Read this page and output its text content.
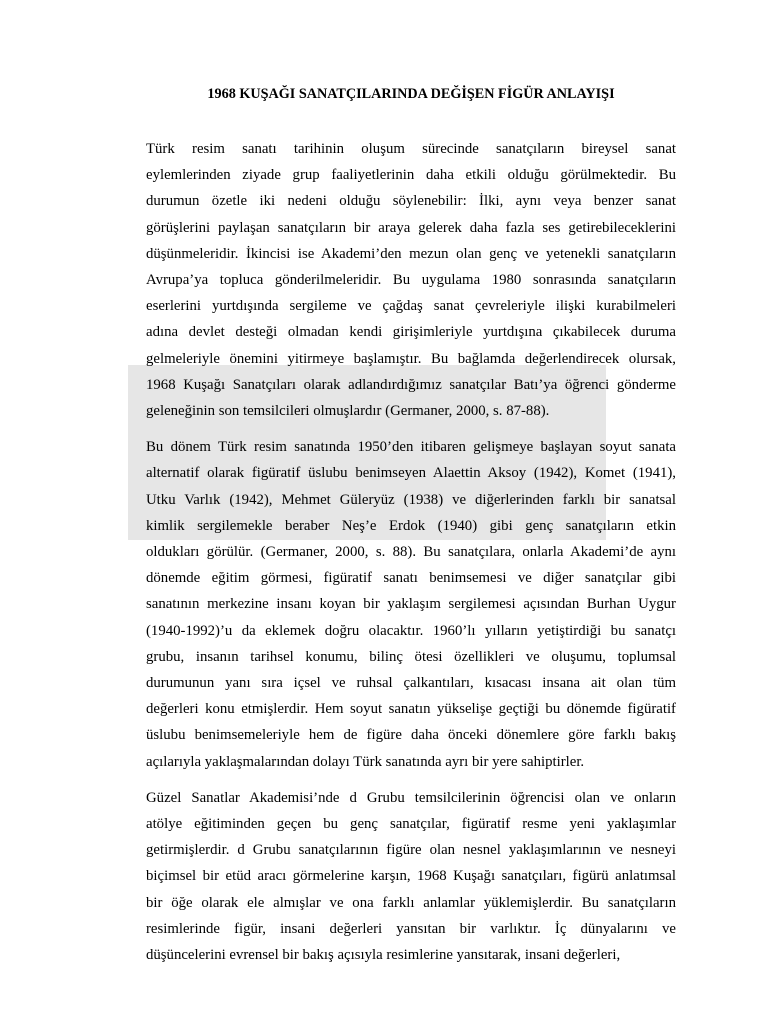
1968 KUŞAĞI SANATÇILARINDA DEĞİŞEN FİGÜR ANLAYIŞI

Türk resim sanatı tarihinin oluşum sürecinde sanatçıların bireysel sanat
eylemlerinden ziyade grup faaliyetlerinin daha etkili olduğu görülmektedir. Bu
durumun özetle iki nedeni olduğu söylenebilir: İlki, aynı veya benzer sanat
görüşlerini paylaşan sanatçıların bir araya gelerek daha fazla ses getirebileceklerini
düşünmeleridir. İkincisi ise Akademi’den mezun olan genç ve yetenekli sanatçıların
Avrupa’ya topluca gönderilmeleridir. Bu uygulama 1980 sonrasında sanatçıların
eserlerini yurtdışında sergileme ve çağdaş sanat çevreleriyle ilişki kurabilmeleri
adına devlet desteği olmadan kendi girişimleriyle yurtdışına çıkabilecek duruma
gelmeleriyle önemini yitirmeye başlamıştır. Bu bağlamda değerlendirecek olursak,
1968 Kuşağı Sanatçıları olarak adlandırdığımız sanatçılar Batı’ya öğrenci gönderme
geleneğinin son temsilcileri olmuşlardır (Germaner, 2000, s. 87-88).

Bu dönem Türk resim sanatında 1950’den itibaren gelişmeye başlayan soyut sanata
alternatif olarak figüratif üslubu benimseyen Alaettin Aksoy (1942), Komet (1941),
Utku Varlık (1942), Mehmet Güleryüz (1938) ve diğerlerinden farklı bir sanatsal
kimlik sergilemekle beraber Neş’e Erdok (1940) gibi genç sanatçıların etkin
oldukları görülür. (Germaner, 2000, s. 88). Bu sanatçılara, onlarla Akademi’de aynı
dönemde eğitim görmesi, figüratif sanatı benimsemesi ve diğer sanatçılar gibi
sanatının merkezine insanı koyan bir yaklaşım sergilemesi açısından Burhan Uygur
(1940-1992)’u da eklemek doğru olacaktır. 1960’lı yılların yetiştirdiği bu sanatçı
grubu, insanın tarihsel konumu, bilinç ötesi özellikleri ve oluşumu, toplumsal
durumunun yanı sıra içsel ve ruhsal çalkantıları, kısacası insana ait olan tüm
değerleri konu etmişlerdir. Hem soyut sanatın yükselişe geçtiği bu dönemde figüratif
üslubu benimsemeleriyle hem de figüre daha önceki dönemlere göre farklı bakış
açılarıyla yaklaşmalarından dolayı Türk sanatında ayrı bir yere sahiptirler.

Güzel Sanatlar Akademisi’nde d Grubu temsilcilerinin öğrencisi olan ve onların
atölye eğitiminden geçen bu genç sanatçılar, figüratif resme yeni yaklaşımlar
getirmişlerdir. d Grubu sanatçılarının figüre olan nesnel yaklaşımlarının ve nesneyi
biçimsel bir etüd aracı görmelerine karşın, 1968 Kuşağı sanatçıları, figürü anlatımsal
bir öğe olarak ele almışlar ve ona farklı anlamlar yüklemişlerdir. Bu sanatçıların
resimlerinde figür, insani değerleri yansıtan bir varlıktır. İç dünyalarını ve
düşüncelerini evrensel bir bakış açısıyla resimlerine yansıtarak, insani değerleri,
